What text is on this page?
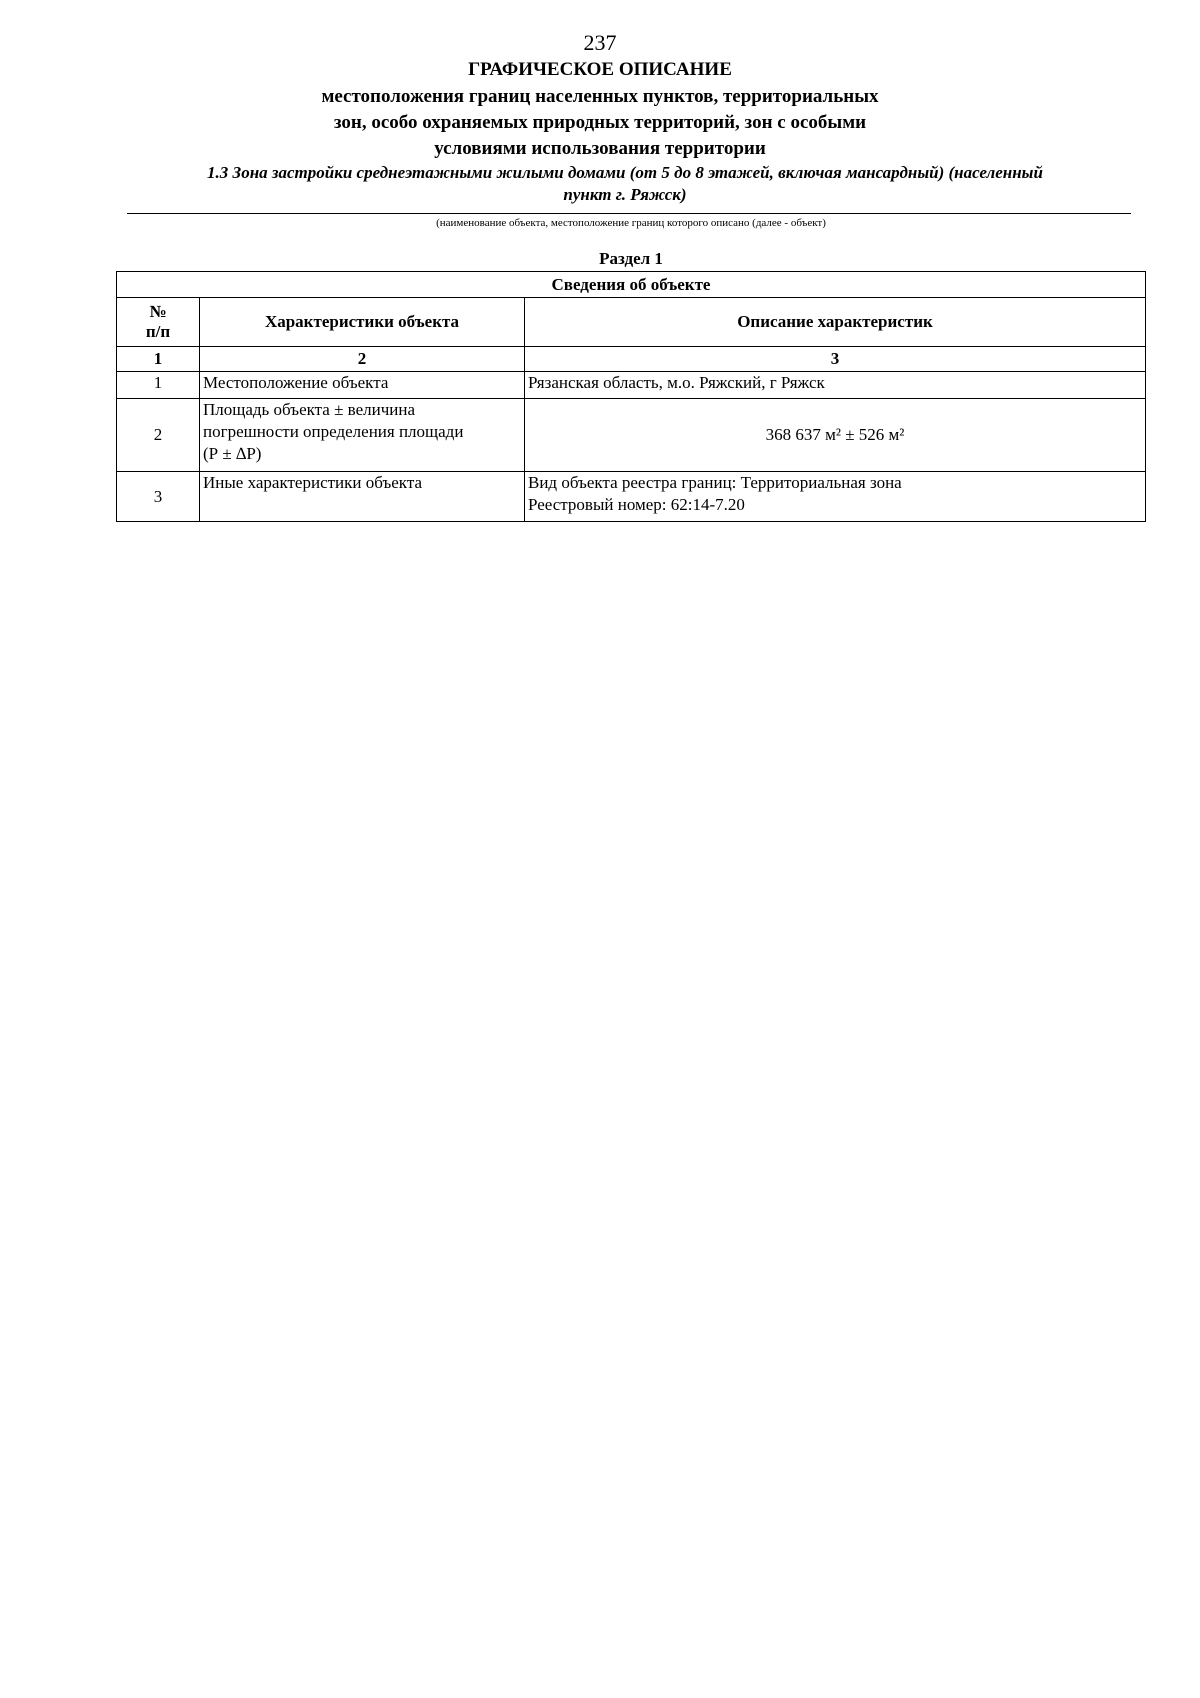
237
ГРАФИЧЕСКОЕ ОПИСАНИЕ
местоположения границ населенных пунктов, территориальных
зон, особо охраняемых природных территорий, зон с особыми
условиями использования территории
1.3 Зона застройки среднеэтажными жилыми домами (от 5 до 8 этажей, включая мансардный) (населенный
пункт г. Ряжск)
(наименование объекта, местоположение границ которого описано (далее - объект)
Раздел 1
Сведения об объекте		

№
п/п	Характеристики объекта	Описание характеристик
1	2	3
1	Местоположение объекта	Рязанская область, м.о. Ряжский, г Ряжск
2	Площадь объекта ± величина
погрешности определения площади
(Р ± ∆Р)	368 637 м² ± 526 м²
3	Иные характеристики объекта	Вид объекта реестра границ: Территориальная зона
Реестровый номер: 62:14-7.20
